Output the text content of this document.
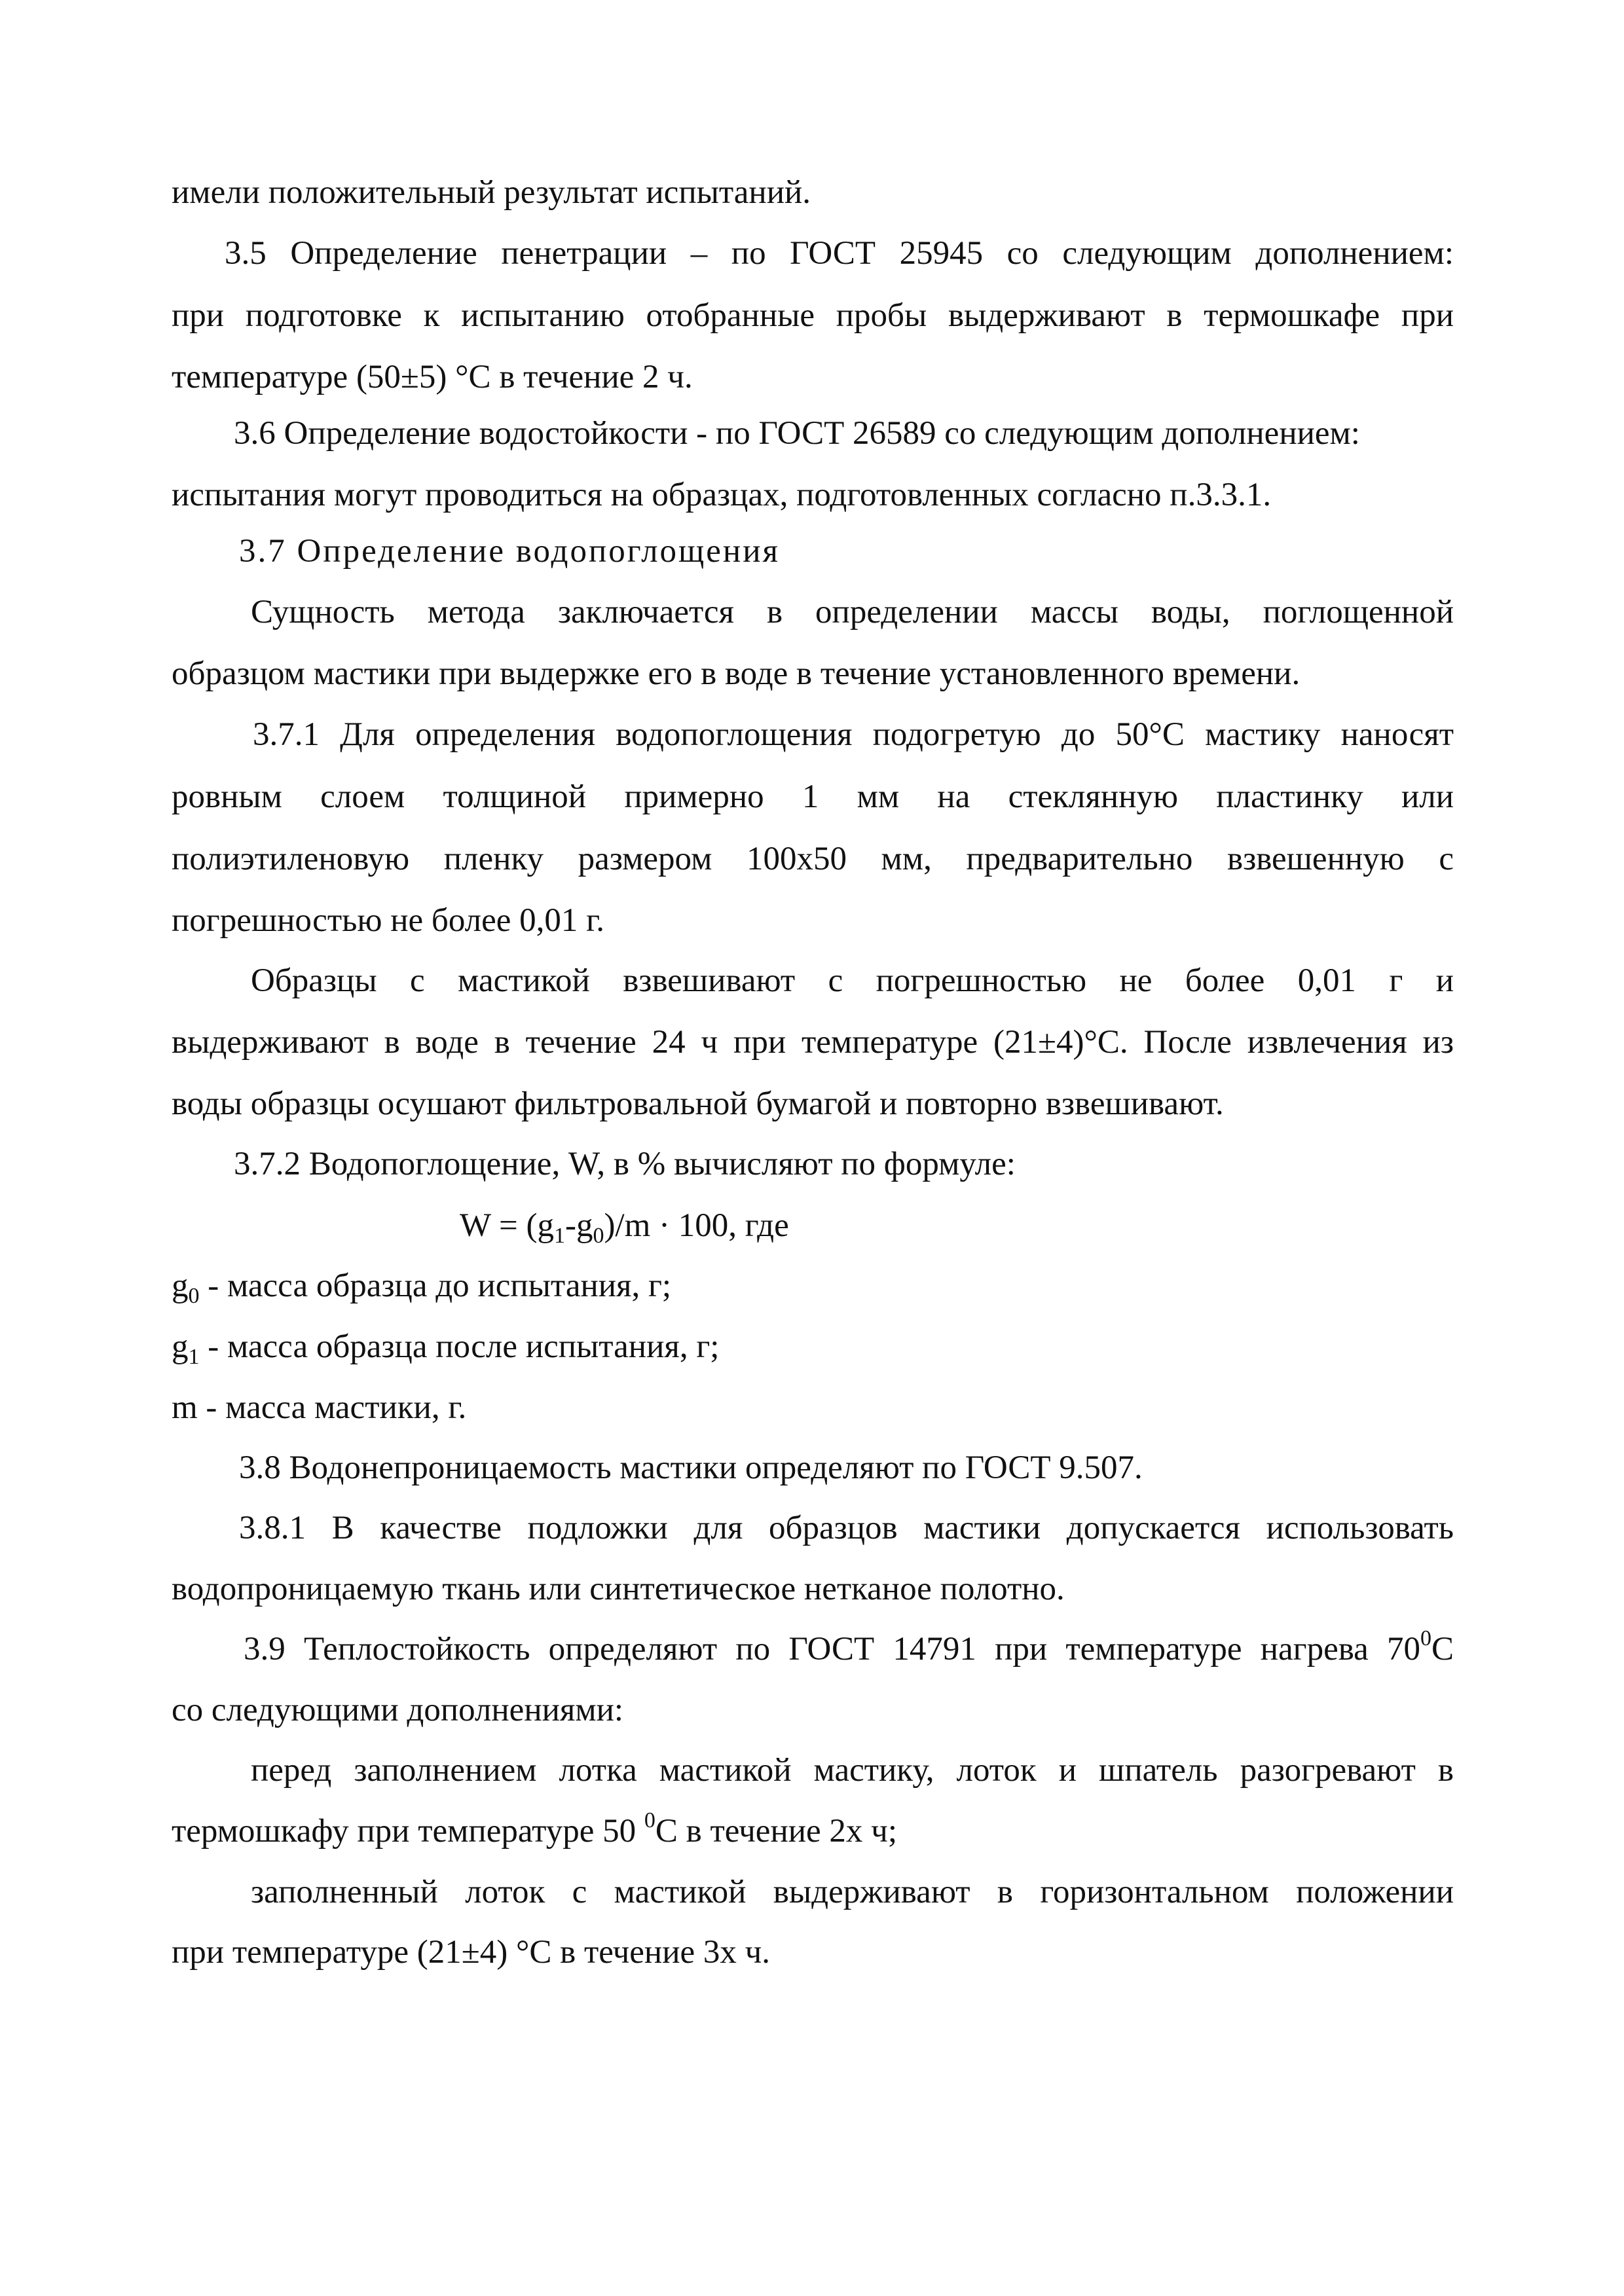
имели положительный результат испытаний.
3.5 Определение пенетрации – по ГОСТ 25945 со следующим дополнением:
при подготовке к испытанию отобранные пробы выдерживают в термошкафе при
температуре (50±5) °С в течение 2 ч.
3.6 Определение водостойкости - по ГОСТ 26589 со следующим дополнением:
испытания могут проводиться на образцах, подготовленных согласно п.3.3.1.
3.7 Определение водопоглощения
Сущность метода заключается в определении массы воды, поглощенной
образцом мастики при выдержке его в воде в течение установленного времени.
3.7.1 Для определения водопоглощения подогретую до 50°С мастику наносят
ровным слоем толщиной примерно 1 мм на стеклянную пластинку или
полиэтиленовую пленку размером 100х50 мм, предварительно взвешенную с
погрешностью не более 0,01 г.
Образцы с мастикой взвешивают с погрешностью не более 0,01 г и
выдерживают в воде в течение 24 ч при температуре (21±4)°С. После извлечения из
воды образцы осушают фильтровальной бумагой и повторно взвешивают.
3.7.2 Водопоглощение, W, в % вычисляют по формуле:
$W = (g_1-g_0)/m \cdot 100$, где
$g_0$ - масса образца до испытания, г;
$g_1$ - масса образца после испытания, г;
m - масса мастики, г.
3.8 Водонепроницаемость мастики определяют по ГОСТ 9.507.
3.8.1 В качестве подложки для образцов мастики допускается использовать
водопроницаемую ткань или синтетическое нетканое полотно.
3.9 Теплостойкость определяют по ГОСТ 14791 при температуре нагрева $70^0С$
со следующими дополнениями:
перед заполнением лотка мастикой мастику, лоток и шпатель разогревают в
термошкафу при температуре 50 $^0$С в течение 2х ч;
заполненный лоток с мастикой выдерживают в горизонтальном положении
при температуре (21±4) °С в течение 3х ч.
